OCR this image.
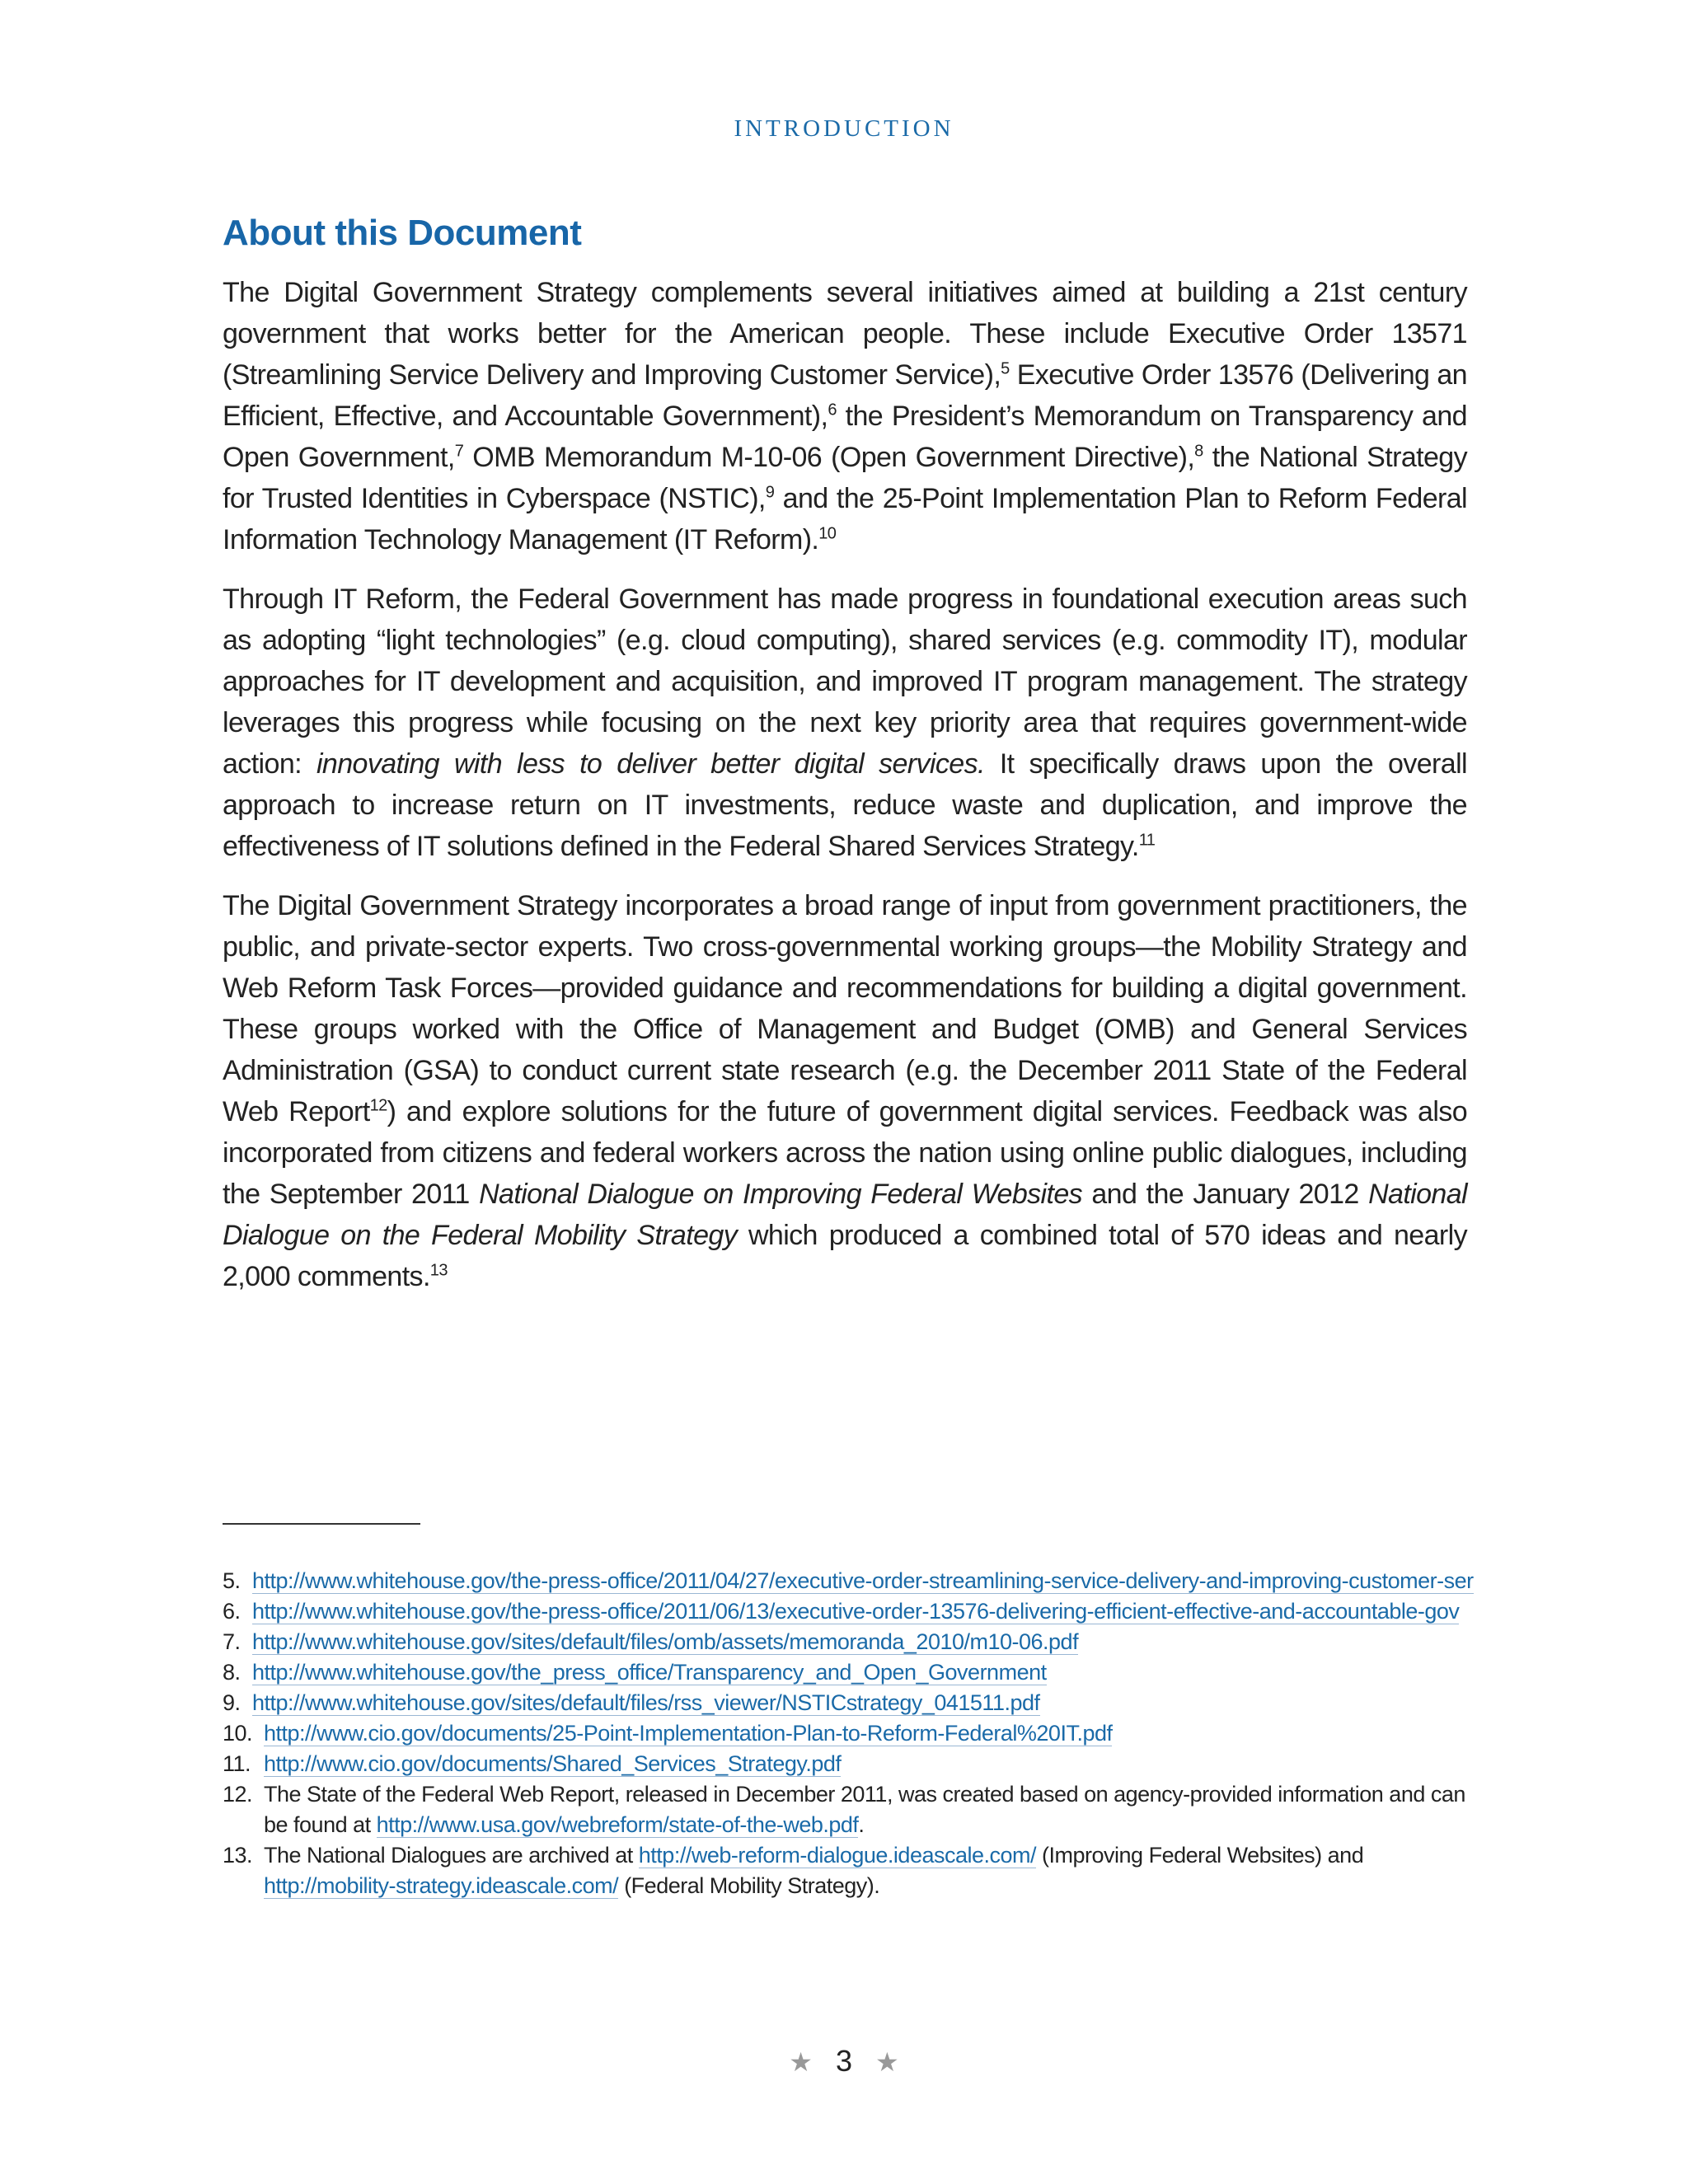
INTRODUCTION
About this Document

The Digital Government Strategy complements several initiatives aimed at building a 21st century government that works better for the American people. These include Executive Order 13571 (Streamlining Service Delivery and Improving Customer Service),$^5$ Executive Order 13576 (Delivering an Efficient, Effective, and Accountable Government),$^6$ the President’s Memorandum on Transparency and Open Government,$^7$ OMB Memorandum M-10-06 (Open Government Directive),$^8$ the National Strategy for Trusted Identities in Cyberspace (NSTIC),$^9$ and the 25-Point Implementation Plan to Reform Federal Information Technology Management (IT Reform).$^{10}$

Through IT Reform, the Federal Government has made progress in foundational execution areas such as adopting “light technologies” (e.g. cloud computing), shared services (e.g. commodity IT), modular approaches for IT development and acquisition, and improved IT program management. The strategy leverages this progress while focusing on the next key priority area that requires government-wide action: innovating with less to deliver better digital services. It specifically draws upon the overall approach to increase return on IT investments, reduce waste and duplication, and improve the effectiveness of IT solutions defined in the Federal Shared Services Strategy.$^{11}$

The Digital Government Strategy incorporates a broad range of input from government practitioners, the public, and private-sector experts. Two cross-governmental working groups—the Mobility Strategy and Web Reform Task Forces—provided guidance and recommendations for building a digital government. These groups worked with the Office of Management and Budget (OMB) and General Services Administration (GSA) to conduct current state research (e.g. the December 2011 State of the Federal Web Report$^{12}$) and explore solutions for the future of government digital services. Feedback was also incorporated from citizens and federal workers across the nation using online public dialogues, including the September 2011 National Dialogue on Improving Federal Websites and the January 2012 National Dialogue on the Federal Mobility Strategy which produced a combined total of 570 ideas and nearly 2,000 comments.$^{13}$

5. http://www.whitehouse.gov/the-press-office/2011/04/27/executive-order-streamlining-service-delivery-and-improving-customer-ser
6. http://www.whitehouse.gov/the-press-office/2011/06/13/executive-order-13576-delivering-efficient-effective-and-accountable-gov
7. http://www.whitehouse.gov/sites/default/files/omb/assets/memoranda_2010/m10-06.pdf
8. http://www.whitehouse.gov/the_press_office/Transparency_and_Open_Government
9. http://www.whitehouse.gov/sites/default/files/rss_viewer/NSTICstrategy_041511.pdf
10. http://www.cio.gov/documents/25-Point-Implementation-Plan-to-Reform-Federal%20IT.pdf
11. http://www.cio.gov/documents/Shared_Services_Strategy.pdf
12. The State of the Federal Web Report, released in December 2011, was created based on agency-provided information and can be found at http://www.usa.gov/webreform/state-of-the-web.pdf.
13. The National Dialogues are archived at http://web-reform-dialogue.ideascale.com/ (Improving Federal Websites) and http://mobility-strategy.ideascale.com/ (Federal Mobility Strategy).
★ 3 ★
